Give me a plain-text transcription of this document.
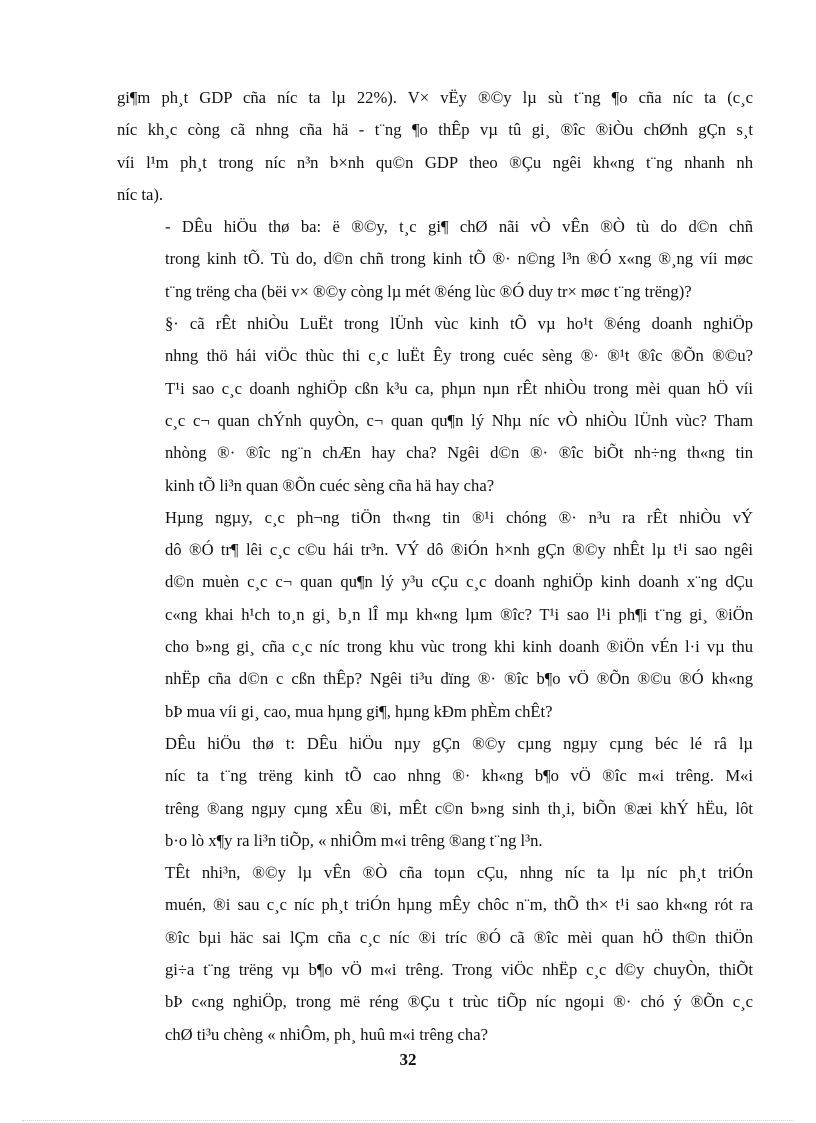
gi¶m ph¸t GDP cña níc ta lµ 22%). V× vËy ®©y lµ sù t¨ng ¶o cña níc ta (c¸c
níc kh¸c còng cã nhng cña hä - t¨ng ¶o thÊp vµ tû gi¸ ®îc ®iÒu chØnh gÇn s¸t
víi l¹m ph¸t trong níc n³n b×nh qu©n GDP theo ®Çu ngêi kh«ng t¨ng nhanh nh
níc ta).

- DÊu hiÖu thø ba: ë ®©y, t¸c gi¶ chØ nãi vÒ vÊn ®Ò tù do d©n chñ
trong kinh tÕ. Tù do, d©n chñ trong kinh tÕ ®· n©ng l³n ®Ó x«ng ®¸ng víi møc
t¨ng trëng cha (bëi v× ®©y còng lµ mét ®éng lùc ®Ó duy tr× møc t¨ng trëng)?

§· cã rÊt nhiÒu LuËt trong lÜnh vùc kinh tÕ vµ ho¹t ®éng doanh nghiÖp
nhng thö hái viÖc thùc thi c¸c luËt Êy trong cuéc sèng ®· ®¹t ®îc ®Õn ®©u?
T¹i sao c¸c doanh nghiÖp cßn k³u ca, phµn nµn rÊt nhiÒu trong mèi quan hÖ víi
c¸c c¬ quan chÝnh quyÒn, c¬ quan qu¶n lý Nhµ níc vÒ nhiÒu lÜnh vùc? Tham
nhòng ®· ®îc ng¨n chÆn hay cha? Ngêi d©n ®· ®îc biÕt nh÷ng th«ng tin
kinh tÕ li³n quan ®Õn cuéc sèng cña hä hay cha?

Hµng ngµy, c¸c ph¬ng tiÖn th«ng tin ®¹i chóng ®· n³u ra rÊt nhiÒu vÝ
dô ®Ó tr¶ lêi c¸c c©u hái tr³n. VÝ dô ®iÓn h×nh gÇn ®©y nhÊt lµ t¹i sao ngêi
d©n muèn c¸c c¬ quan qu¶n lý y³u cÇu c¸c doanh nghiÖp kinh doanh x¨ng dÇu
c«ng khai h¹ch to¸n gi¸ b¸n lÎ mµ kh«ng lµm ®îc? T¹i sao l¹i ph¶i t¨ng gi¸ ®iÖn
cho b»ng gi¸ cña c¸c níc trong khu vùc trong khi kinh doanh ®iÖn vÉn l·i vµ thu
nhËp cña d©n c cßn thÊp? Ngêi ti³u dïng ®· ®îc b¶o vÖ ®Õn ®©u ®Ó kh«ng
bÞ mua víi gi¸ cao, mua hµng gi¶, hµng kÐm phÈm chÊt?

DÊu hiÖu thø t: DÊu hiÖu nµy gÇn ®©y cµng ngµy cµng béc lé râ lµ
níc ta t¨ng trëng kinh tÕ cao nhng ®· kh«ng b¶o vÖ ®îc m«i trêng. M«i
trêng ®ang ngµy cµng xÊu ®i, mÊt c©n b»ng sinh th¸i, biÕn ®æi khÝ hËu, lôt
b·o lò x¶y ra li³n tiÕp, « nhiÔm m«i trêng ®ang t¨ng l³n.

TÊt nhi³n, ®©y lµ vÊn ®Ò cña toµn cÇu, nhng níc ta lµ níc ph¸t triÓn
muén, ®i sau c¸c níc ph¸t triÓn hµng mÊy chôc n¨m, thÕ th× t¹i sao kh«ng rót ra
®îc bµi häc sai lÇm cña c¸c níc ®i tríc ®Ó cã ®îc mèi quan hÖ th©n thiÖn
gi÷a t¨ng trëng vµ b¶o vÖ m«i trêng. Trong viÖc nhËp c¸c d©y chuyÒn, thiÕt
bÞ c«ng nghiÖp, trong më réng ®Çu t trùc tiÕp níc ngoµi ®· chó ý ®Õn c¸c
chØ ti³u chèng « nhiÔm, ph¸ huû m«i trêng cha?

32
